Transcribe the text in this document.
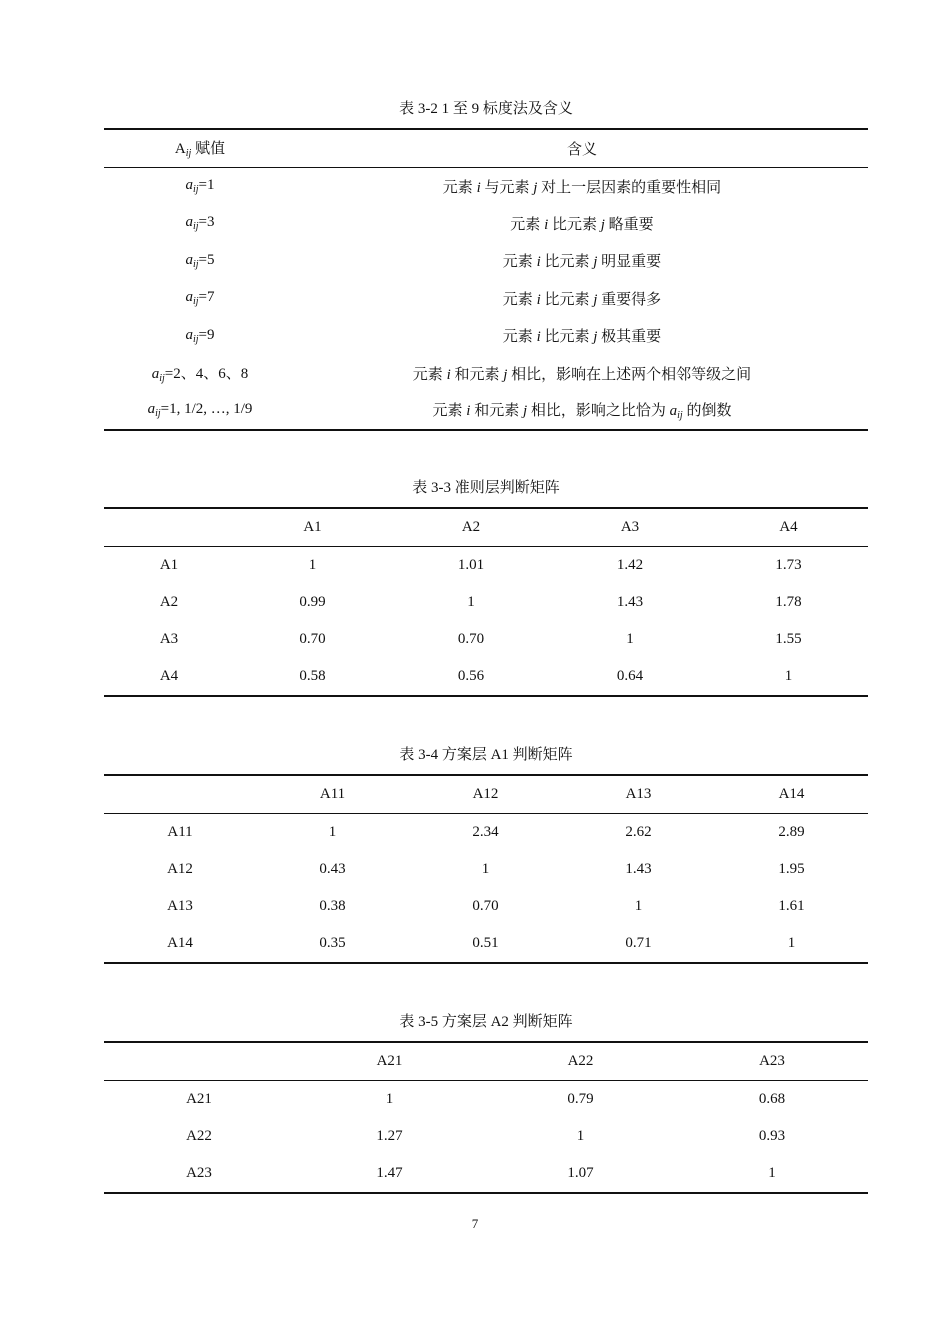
表 3-2 1 至 9 标度法及含义
$A_{ij}$ 赋值	含义
$a_{ij}=1$	元素 i 与元素 j 对上一层因素的重要性相同
$a_{ij}=3$	元素 i 比元素 j 略重要
$a_{ij}=5$	元素 i 比元素 j 明显重要
$a_{ij}=7$	元素 i 比元素 j 重要得多
$a_{ij}=9$	元素 i 比元素 j 极其重要
$a_{ij}=2$、4、6、8	元素 i 和元素 j 相比，影响在上述两个相邻等级之间
$a_{ij}=1$, 1/2, …, 1/9	元素 i 和元素 j 相比，影响之比恰为 $a_{ij}$ 的倒数
表 3-3 准则层判断矩阵
	A1	A2	A3	A4
A1	1	1.01	1.42	1.73
A2	0.99	1	1.43	1.78
A3	0.70	0.70	1	1.55
A4	0.58	0.56	0.64	1
表 3-4 方案层 A1 判断矩阵
	A11	A12	A13	A14
A11	1	2.34	2.62	2.89
A12	0.43	1	1.43	1.95
A13	0.38	0.70	1	1.61
A14	0.35	0.51	0.71	1
表 3-5 方案层 A2 判断矩阵
	A21	A22	A23
A21	1	0.79	0.68
A22	1.27	1	0.93
A23	1.47	1.07	1
7
